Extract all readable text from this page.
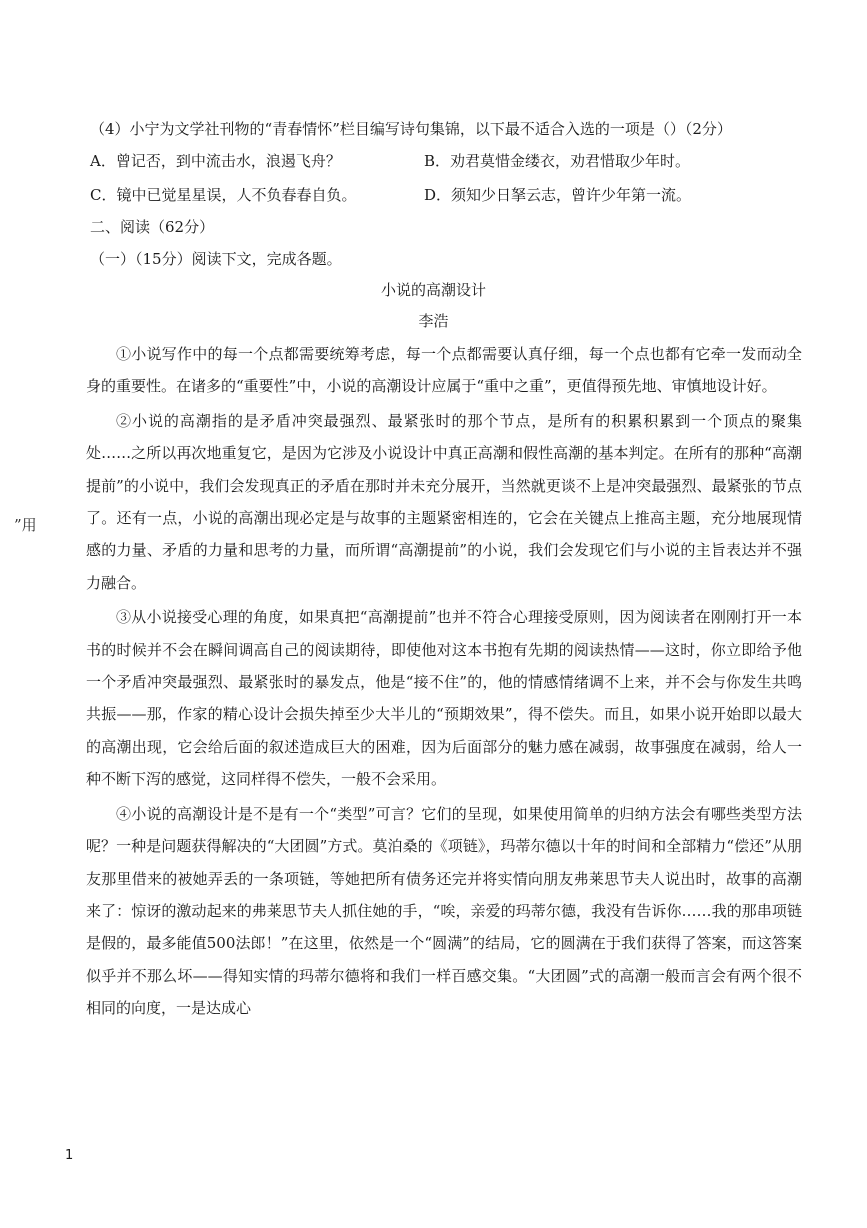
（4）小宁为文学社刊物的“青春情怀”栏目编写诗句集锦，以下最不适合入选的一项是（）（2分）
A．曾记否，到中流击水，浪遏飞舟？	B．劝君莫惜金缕衣，劝君惜取少年时。
C．镜中已觉星星误，人不负春春自负。	D．须知少日拏云志，曾许少年第一流。
二、阅读（62分）
（一）（15分）阅读下文，完成各题。
小说的高潮设计
李浩

①小说写作中的每一个点都需要统筹考虑，每一个点都需要认真仔细，每一个点也都有它牵一发而动全身的重要性。在诸多的“重要性”中，小说的高潮设计应属于“重中之重”，更值得预先地、审慎地设计好。

②小说的高潮指的是矛盾冲突最强烈、最紧张时的那个节点，是所有的积累积累到一个顶点的聚集处……之所以再次地重复它，是因为它涉及小说设计中真正高潮和假性高潮的基本判定。在所有的那种“高潮提前”的小说中，我们会发现真正的矛盾在那时并未充分展开，当然就更谈不上是冲突最强烈、最紧张的节点了。还有一点，小说的高潮出现必定是与故事的主题紧密相连的，它会在关键点上推高主题，充分地展现情感的力量、矛盾的力量和思考的力量，而所谓“高潮提前”的小说，我们会发现它们与小说的主旨表达并不强力融合。

③从小说接受心理的角度，如果真把“高潮提前”也并不符合心理接受原则，因为阅读者在刚刚打开一本书的时候并不会在瞬间调高自己的阅读期待，即使他对这本书抱有先期的阅读热情——这时，你立即给予他一个矛盾冲突最强烈、最紧张时的暴发点，他是“接不住”的，他的情感情绪调不上来，并不会与你发生共鸣共振——那，作家的精心设计会损失掉至少大半儿的“预期效果”，得不偿失。而且，如果小说开始即以最大的高潮出现，它会给后面的叙述造成巨大的困难，因为后面部分的魅力感在减弱，故事强度在减弱，给人一种不断下泻的感觉，这同样得不偿失，一般不会采用。

④小说的高潮设计是不是有一个“类型”可言？它们的呈现，如果使用简单的归纳方法会有哪些类型方法呢？一种是问题获得解决的“大团圆”方式。莫泊桑的《项链》，玛蒂尔德以十年的时间和全部精力“偿还”从朋友那里借来的被她弄丢的一条项链，等她把所有债务还完并将实情向朋友弗莱思节夫人说出时，故事的高潮来了：惊讶的激动起来的弗莱思节夫人抓住她的手，“唉，亲爱的玛蒂尔德，我没有告诉你……我的那串项链是假的，最多能值500法郎！”在这里，依然是一个“圆满”的结局，它的圆满在于我们获得了答案，而这答案似乎并不那么坏——得知实情的玛蒂尔德将和我们一样百感交集。“大团圆”式的高潮一般而言会有两个很不相同的向度，一是达成心

”用
1
